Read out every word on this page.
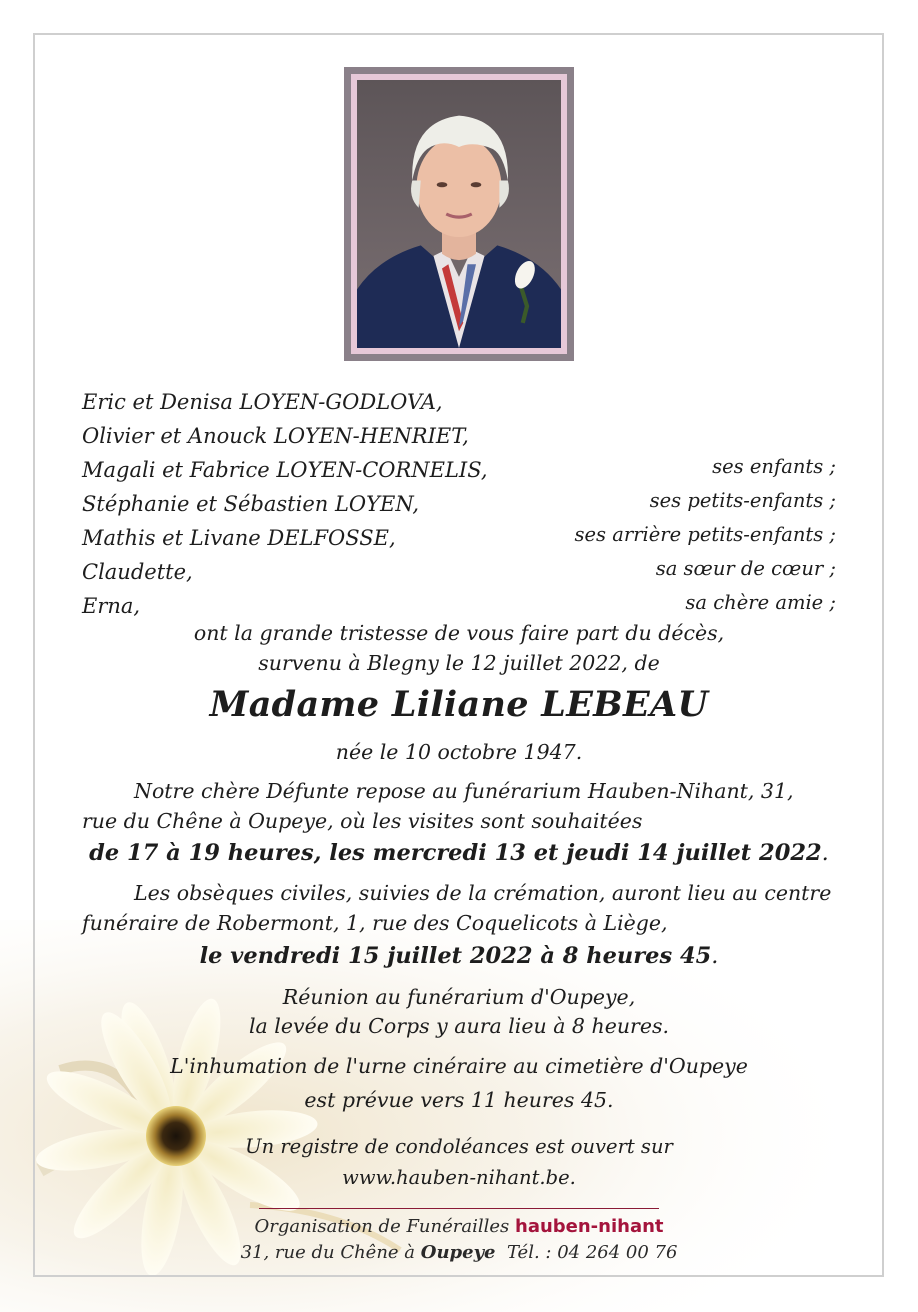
Eric et Denisa LOYEN-GODLOVA,
Olivier et Anouck LOYEN-HENRIET,
Magali et Fabrice LOYEN-CORNELIS,
Stéphanie et Sébastien LOYEN,
Mathis et Livane DELFOSSE,
Claudette,
Erna,
ses enfants ;
ses petits-enfants ;
ses arrière petits-enfants ;
sa sœur de cœur ;
sa chère amie ;
ont la grande tristesse de vous faire part du décès,
survenu à Blegny le 12 juillet 2022, de
Madame Liliane LEBEAU
née le 10 octobre 1947.
Notre chère Défunte repose au funérarium Hauben-Nihant, 31, rue du Chêne à Oupeye, où les visites sont souhaitées
de 17 à 19 heures, les mercredi 13 et jeudi 14 juillet 2022.
Les obsèques civiles, suivies de la crémation, auront lieu au centre funéraire de Robermont, 1, rue des Coquelicots à Liège,
le vendredi 15 juillet 2022 à 8 heures 45.
Réunion au funérarium d'Oupeye,
la levée du Corps y aura lieu à 8 heures.
L'inhumation de l'urne cinéraire au cimetière d'Oupeye
est prévue vers 11 heures 45.
Un registre de condoléances est ouvert sur
www.hauben-nihant.be.
Organisation de Funérailles hauben-nihant
31, rue du Chêne à Oupeye Tél. : 04 264 00 76
